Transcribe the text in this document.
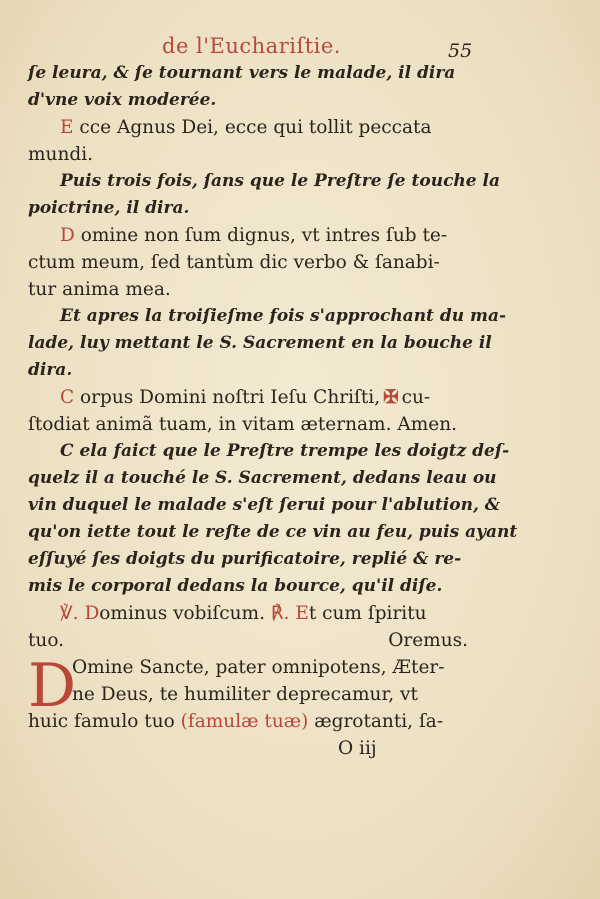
de l'Euchariſtie.	55
ſe leura, & ſe tournant vers le malade, il dira
d'vne voix moderée.
E cce Agnus Dei, ecce qui tollit peccata
mundi.
Puis trois fois, ſans que le Preſtre ſe touche la
poictrine, il dira.
D omine non ſum dignus, vt intres ſub te-
ctum meum, ſed tantùm dic verbo & ſanabi-
tur anima mea.
Et apres la troiſieſme fois s'approchant du ma-
lade, luy mettant le S. Sacrement en la bouche il
dira.
C orpus Domini noſtri Ieſu Chriſti, ✠ cu-
ſtodiat animã tuam, in vitam æternam. Amen.
C ela faict que le Preſtre trempe les doigtz deſ-
quelz il a touché le S. Sacrement, dedans leau ou
vin duquel le malade s'eſt ſerui pour l'ablution, &
qu'on iette tout le reſte de ce vin au feu, puis ayant
eſſuyé ſes doigts du purificatoire, replié & re-
mis le corporal dedans la bource, qu'il diſe.
℣. Dominus vobiſcum. ℟. Et cum ſpiritu
tuo.	Oremus.
D
Omine Sancte, pater omnipotens, Æter-
ne Deus, te humiliter deprecamur, vt
huic famulo tuo (famulæ tuæ) ægrotanti, ſa-
O iij
